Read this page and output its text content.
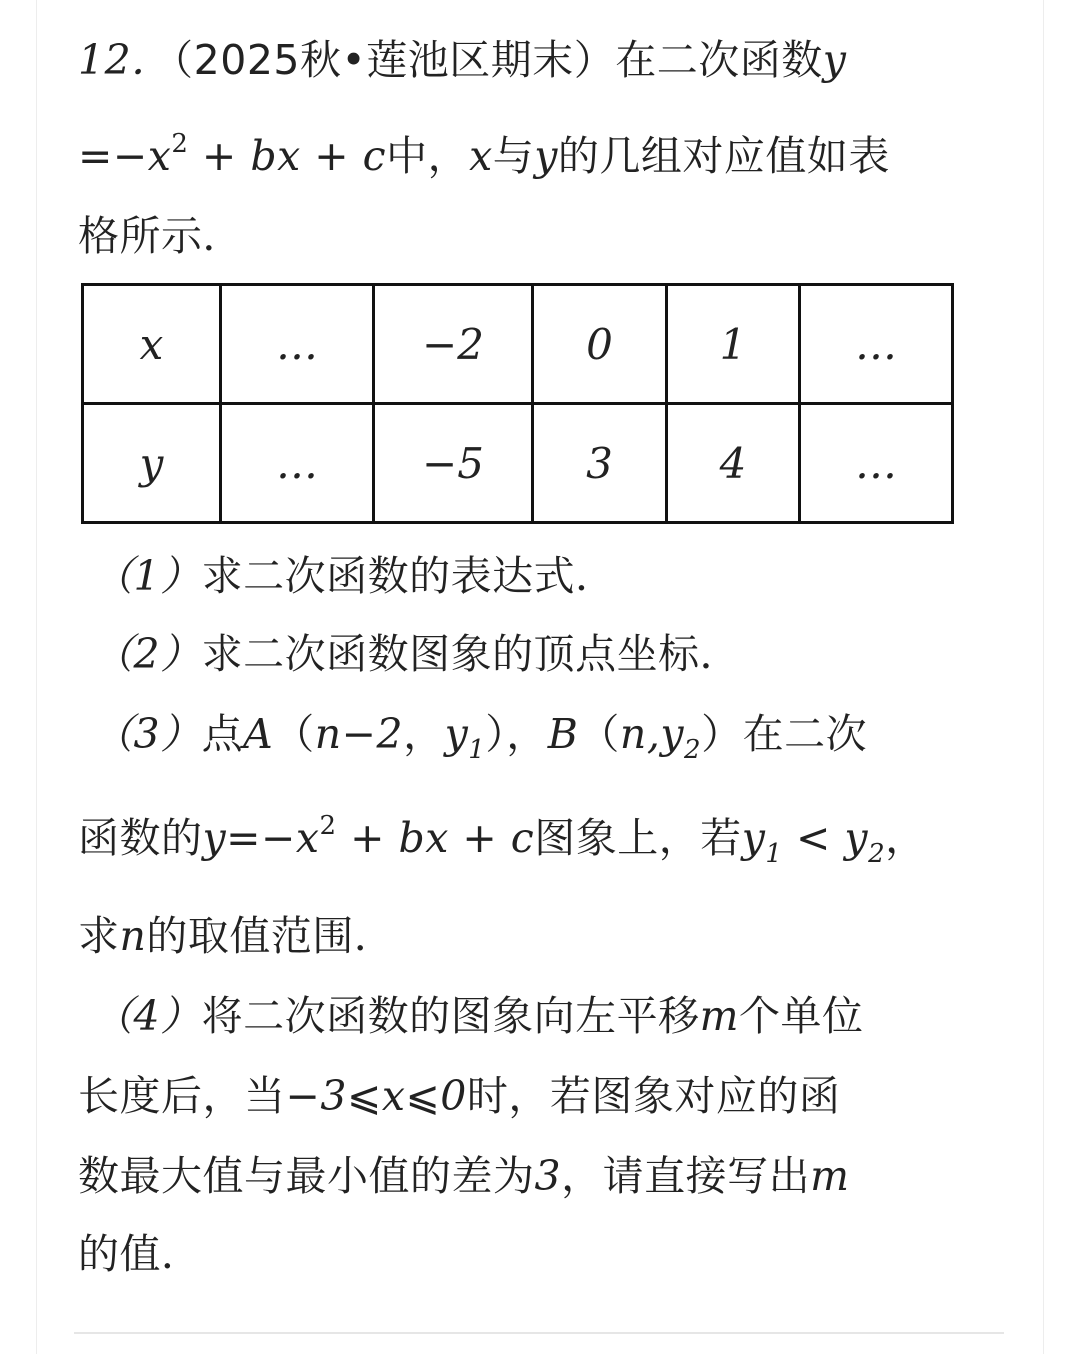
12．（2025秋•莲池区期末）在二次函数y
$=-x^2$ + bx + c中，x与y的几组对应值如表
格所示．
x	…	−2	0	1	…
y	…	−5	3	4	…
（1）求二次函数的表达式．
（2）求二次函数图象的顶点坐标．
（3）点A（n−2，$y_1$），$B(n,y_2)$在二次
函数的$y=-x^2$ + bx + c图象上，若$y_1 < y_2$，
求n的取值范围．
（4）将二次函数的图象向左平移m个单位
长度后，当−3⩽x⩽0时，若图象对应的函
数最大值与最小值的差为3，请直接写出m
的值．
